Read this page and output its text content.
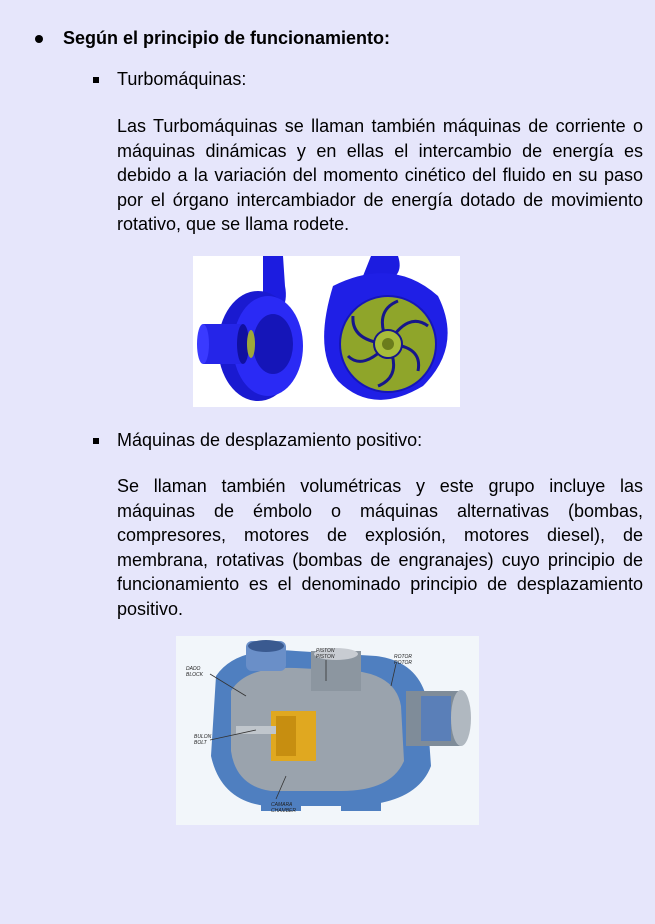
Según el principio de funcionamiento:
Turbomáquinas:
Las Turbomáquinas se llaman también máquinas de corriente o máquinas dinámicas y en ellas el intercambio de energía es debido a la variación del momento cinético del fluido en su paso por el órgano intercambiador de energía dotado de movimiento rotativo, que se llama rodete.
Máquinas de desplazamiento positivo:
Se llaman también volumétricas y este grupo incluye las máquinas de émbolo o máquinas alternativas (bombas, compresores, motores de explosión, motores diesel), de membrana, rotativas (bombas de engranajes) cuyo principio de funcionamiento es el denominado principio de desplazamiento positivo.
DADO
BLOCK
BULON
BOLT
PISTON
PISTON	ROTOR
ROTOR
CAMARA
CHAMBER
